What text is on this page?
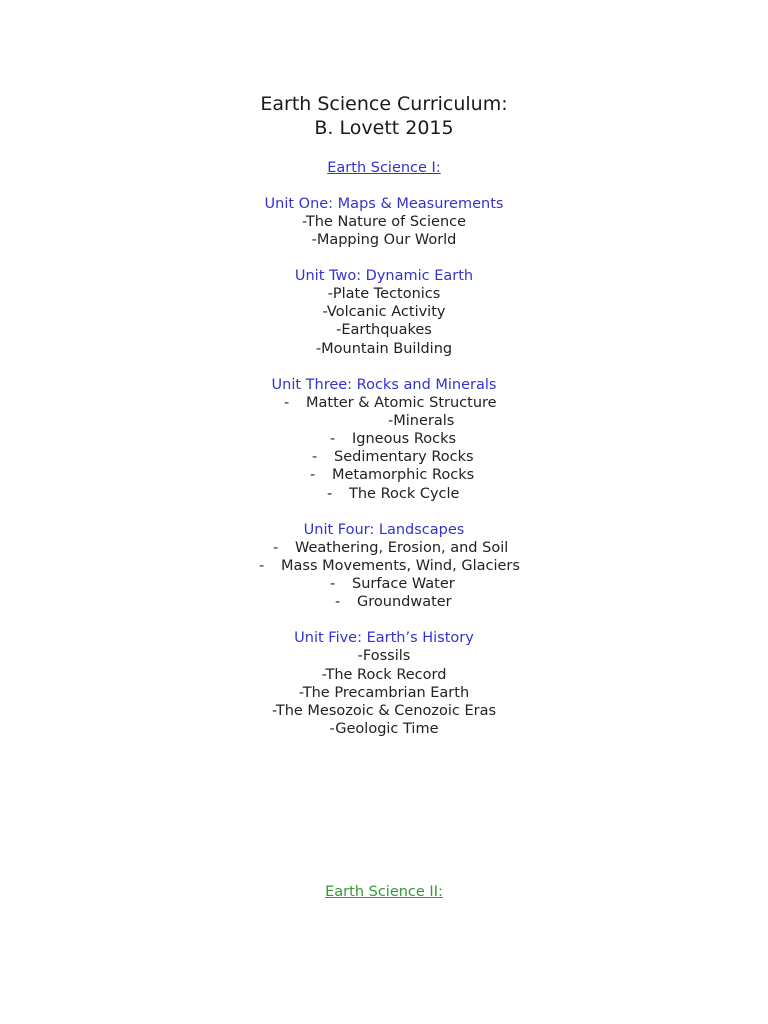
Earth Science Curriculum:
B. Lovett 2015
Earth Science I:
Unit One: Maps & Measurements
-The Nature of Science
-Mapping Our World
Unit Two: Dynamic Earth
-Plate Tectonics
-Volcanic Activity
-Earthquakes
-Mountain Building
Unit Three: Rocks and Minerals
- Matter & Atomic Structure
-Minerals
- Igneous Rocks
- Sedimentary Rocks
- Metamorphic Rocks
- The Rock Cycle
Unit Four: Landscapes
- Weathering, Erosion, and Soil
- Mass Movements, Wind, Glaciers
- Surface Water
- Groundwater
Unit Five: Earth’s History
-Fossils
-The Rock Record
-The Precambrian Earth
-The Mesozoic & Cenozoic Eras
-Geologic Time
Earth Science II:
